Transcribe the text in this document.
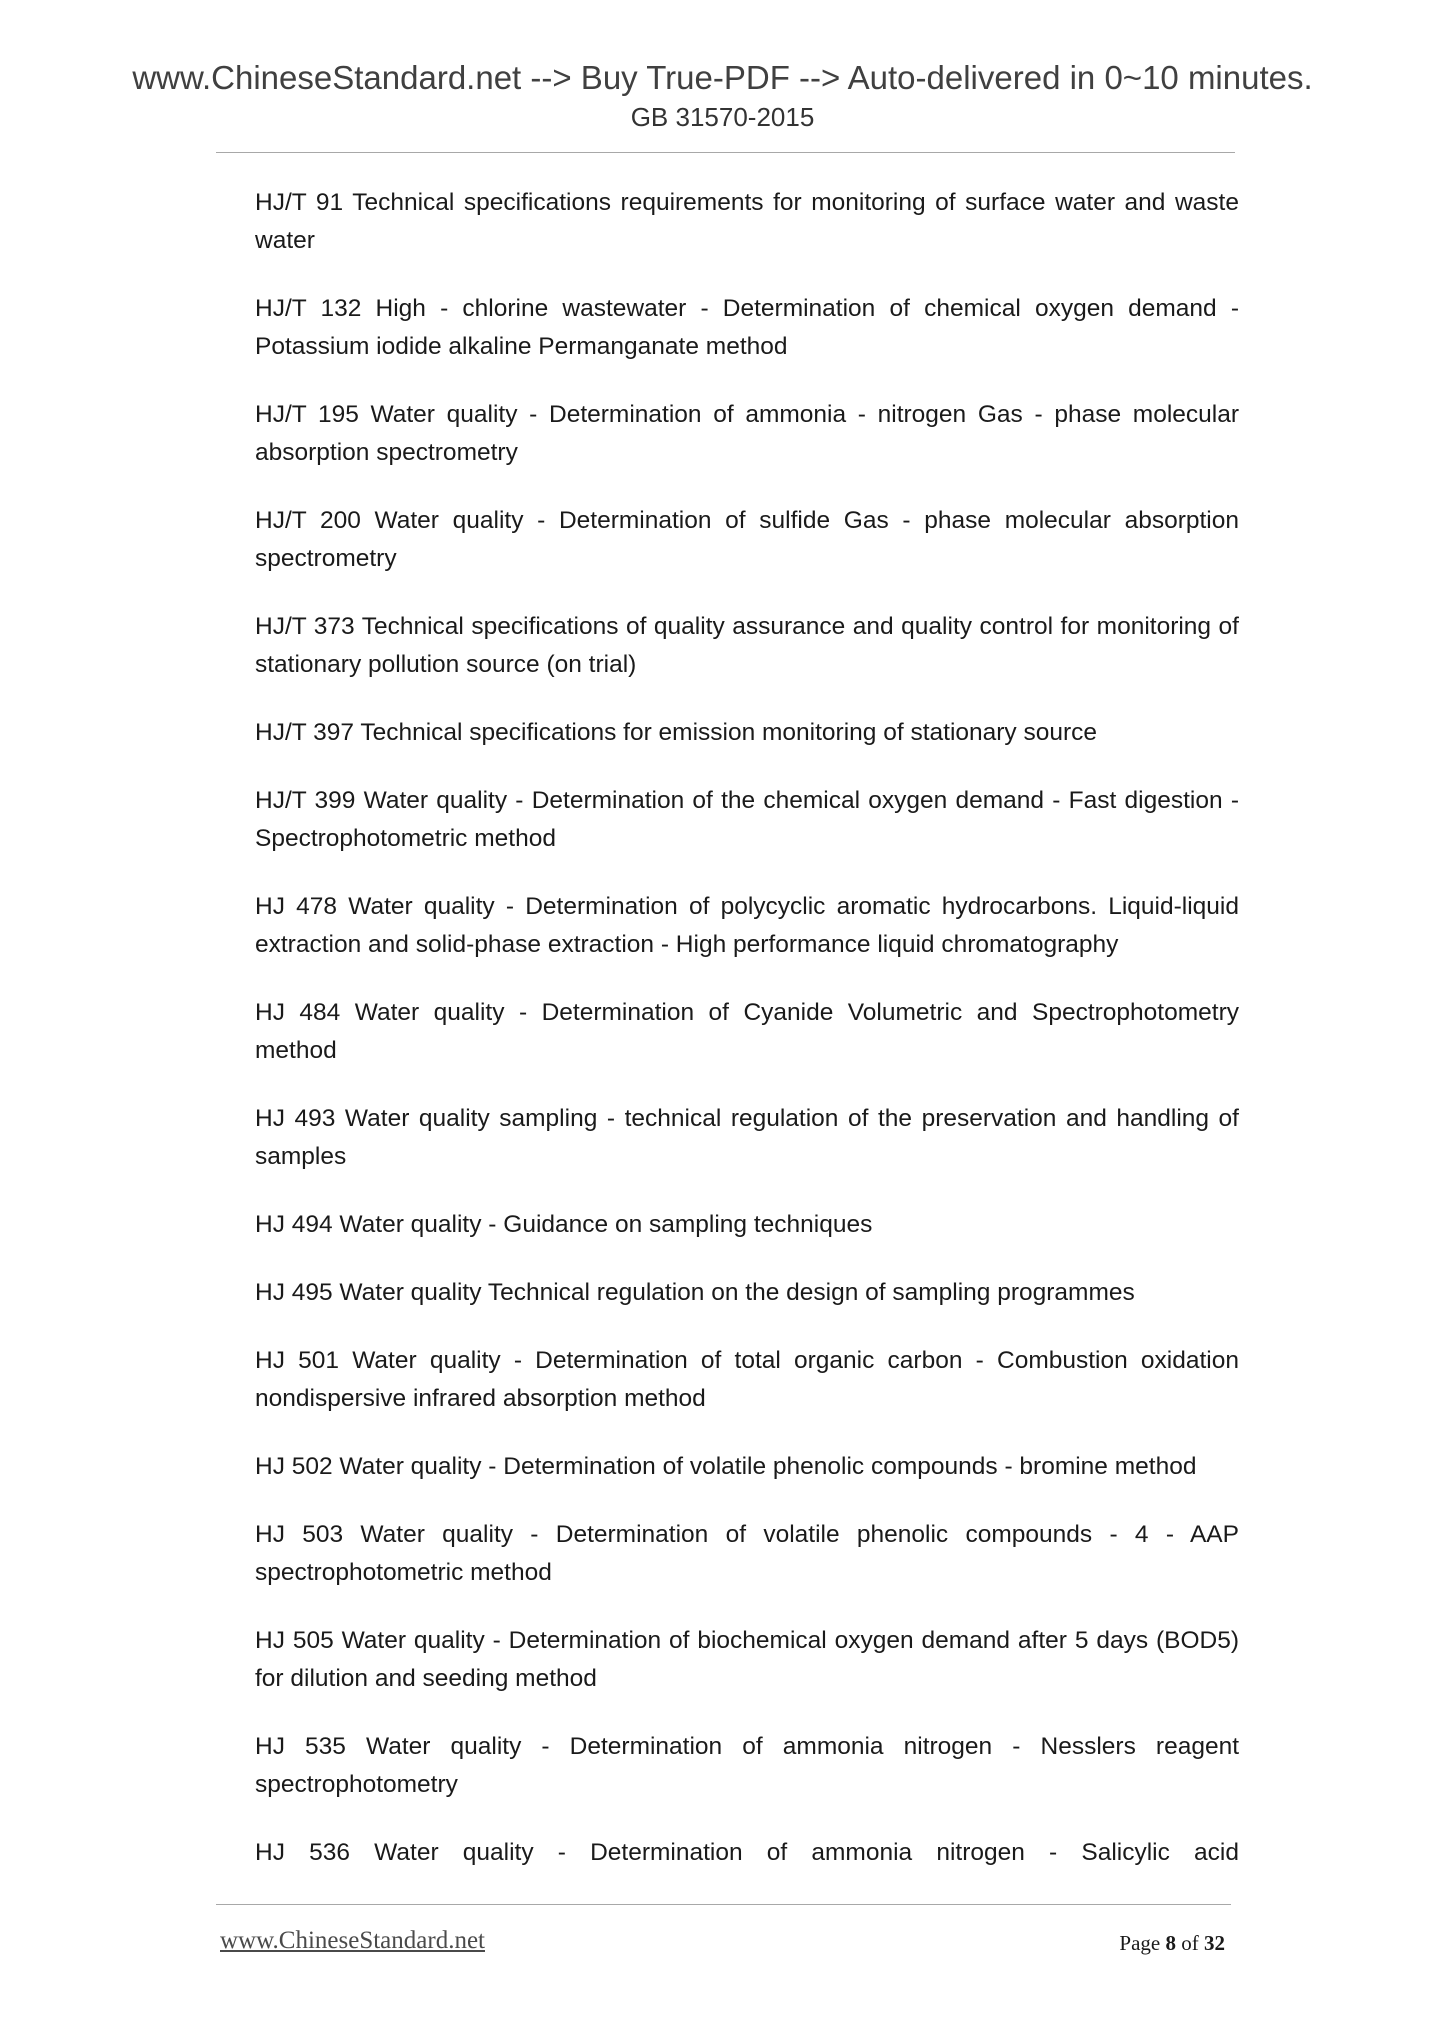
www.ChineseStandard.net --> Buy True-PDF --> Auto-delivered in 0~10 minutes.
GB 31570-2015

HJ/T 91 Technical specifications requirements for monitoring of surface water and waste water

HJ/T 132 High - chlorine wastewater - Determination of chemical oxygen demand - Potassium iodide alkaline Permanganate method

HJ/T 195 Water quality - Determination of ammonia - nitrogen Gas - phase molecular absorption spectrometry

HJ/T 200 Water quality - Determination of sulfide Gas - phase molecular absorption spectrometry

HJ/T 373 Technical specifications of quality assurance and quality control for monitoring of stationary pollution source (on trial)

HJ/T 397 Technical specifications for emission monitoring of stationary source

HJ/T 399 Water quality - Determination of the chemical oxygen demand - Fast digestion - Spectrophotometric method

HJ 478 Water quality - Determination of polycyclic aromatic hydrocarbons. Liquid-liquid extraction and solid-phase extraction - High performance liquid chromatography

HJ 484 Water quality - Determination of Cyanide Volumetric and Spectrophotometry method

HJ 493 Water quality sampling - technical regulation of the preservation and handling of samples

HJ 494 Water quality - Guidance on sampling techniques

HJ 495 Water quality Technical regulation on the design of sampling programmes

HJ 501 Water quality - Determination of total organic carbon - Combustion oxidation nondispersive infrared absorption method

HJ 502 Water quality - Determination of volatile phenolic compounds - bromine method

HJ 503 Water quality - Determination of volatile phenolic compounds - 4 - AAP spectrophotometric method

HJ 505 Water quality - Determination of biochemical oxygen demand after 5 days (BOD5) for dilution and seeding method

HJ 535 Water quality - Determination of ammonia nitrogen - Nesslers reagent spectrophotometry

HJ 536 Water quality - Determination of ammonia nitrogen - Salicylic acid

www.ChineseStandard.net	Page 8 of 32
